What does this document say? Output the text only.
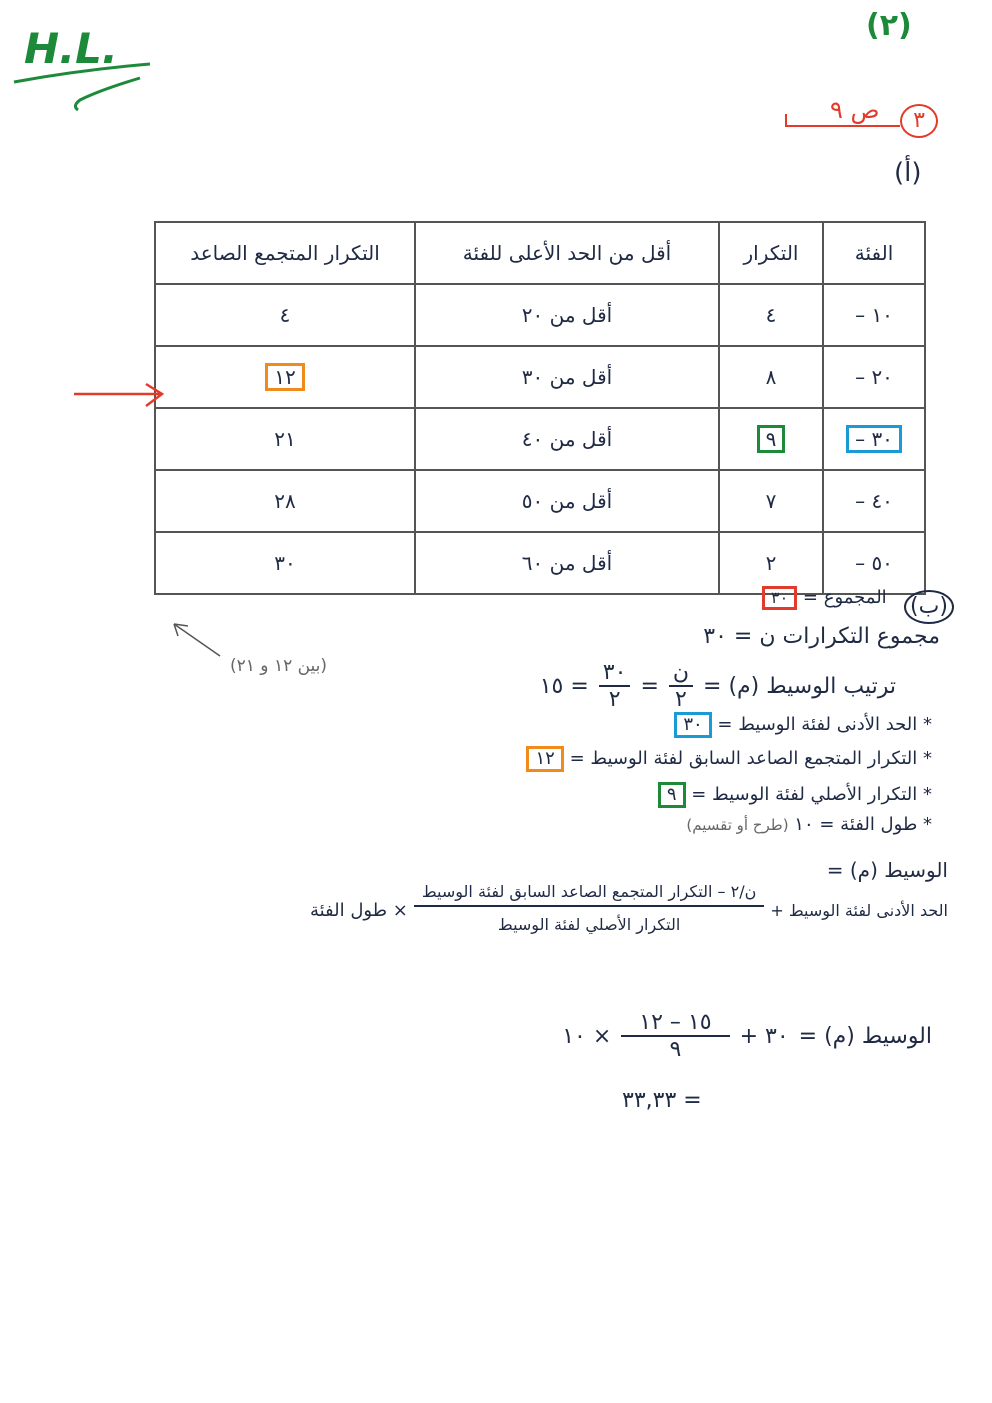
H.L.	(٢)
٣
ص ٩
(أ)
الفئة	التكرار	أقل من الحد الأعلى للفئة	التكرار المتجمع الصاعد
١٠ –	٤	أقل من ٢٠	٤
٢٠ –	٨	أقل من ٣٠	١٢
٣٠ –	٩	أقل من ٤٠	٢١
٤٠ –	٧	أقل من ٥٠	٢٨
٥٠ –	٢	أقل من ٦٠	٣٠
المجموع = ٣٠	(ب)
مجموع التكرارات ن = ٣٠
ترتيب الوسيط (م) =
$\frac{\text{ن}}{٢}$
=
$\frac{٣٠}{٢}$
= ١٥
(بين ١٢ و ٢١)
* الحد الأدنى لفئة الوسيط = ٣٠
* التكرار المتجمع الصاعد السابق لفئة الوسيط = ١٢
* التكرار الأصلي لفئة الوسيط = ٩
* طول الفئة = ١٠ (طرح أو تقسيم)
الوسيط (م) =
الحد الأدنى لفئة الوسيط +
$\frac{\text{ن/٢ – التكرار المتجمع الصاعد السابق لفئة الوسيط}}{\text{التكرار الأصلي لفئة الوسيط}}$
× طول الفئة
الوسيط (م) =
٣٠ +
$\frac{١٥ - ١٢}{٩}$
× ١٠
= ٣٣,٣٣
